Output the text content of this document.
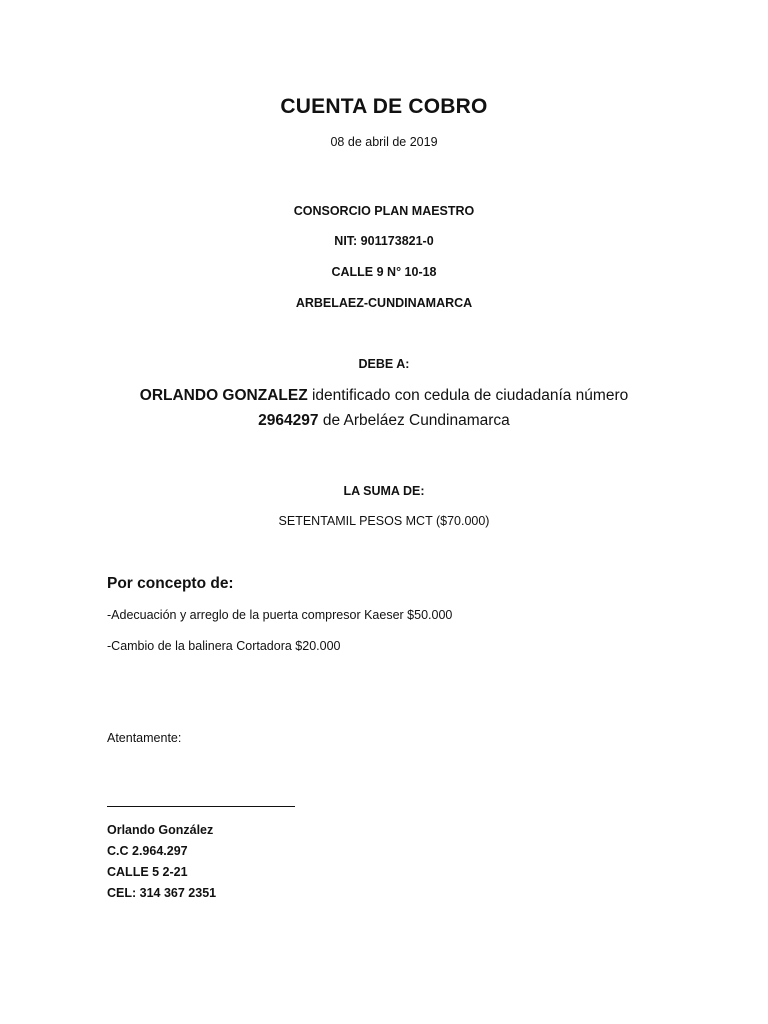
CUENTA DE COBRO
08 de abril de 2019
CONSORCIO PLAN MAESTRO
NIT: 901173821-0
CALLE 9 N° 10-18
ARBELAEZ-CUNDINAMARCA
DEBE A:
ORLANDO GONZALEZ identificado con cedula de ciudadanía número
2964297 de Arbeláez Cundinamarca
LA SUMA DE:
SETENTAMIL PESOS MCT ($70.000)
Por concepto de:
-Adecuación y arreglo de la puerta compresor Kaeser $50.000
-Cambio de la balinera Cortadora $20.000
Atentamente:
Orlando González
C.C 2.964.297
CALLE 5 2-21
CEL: 314 367 2351
